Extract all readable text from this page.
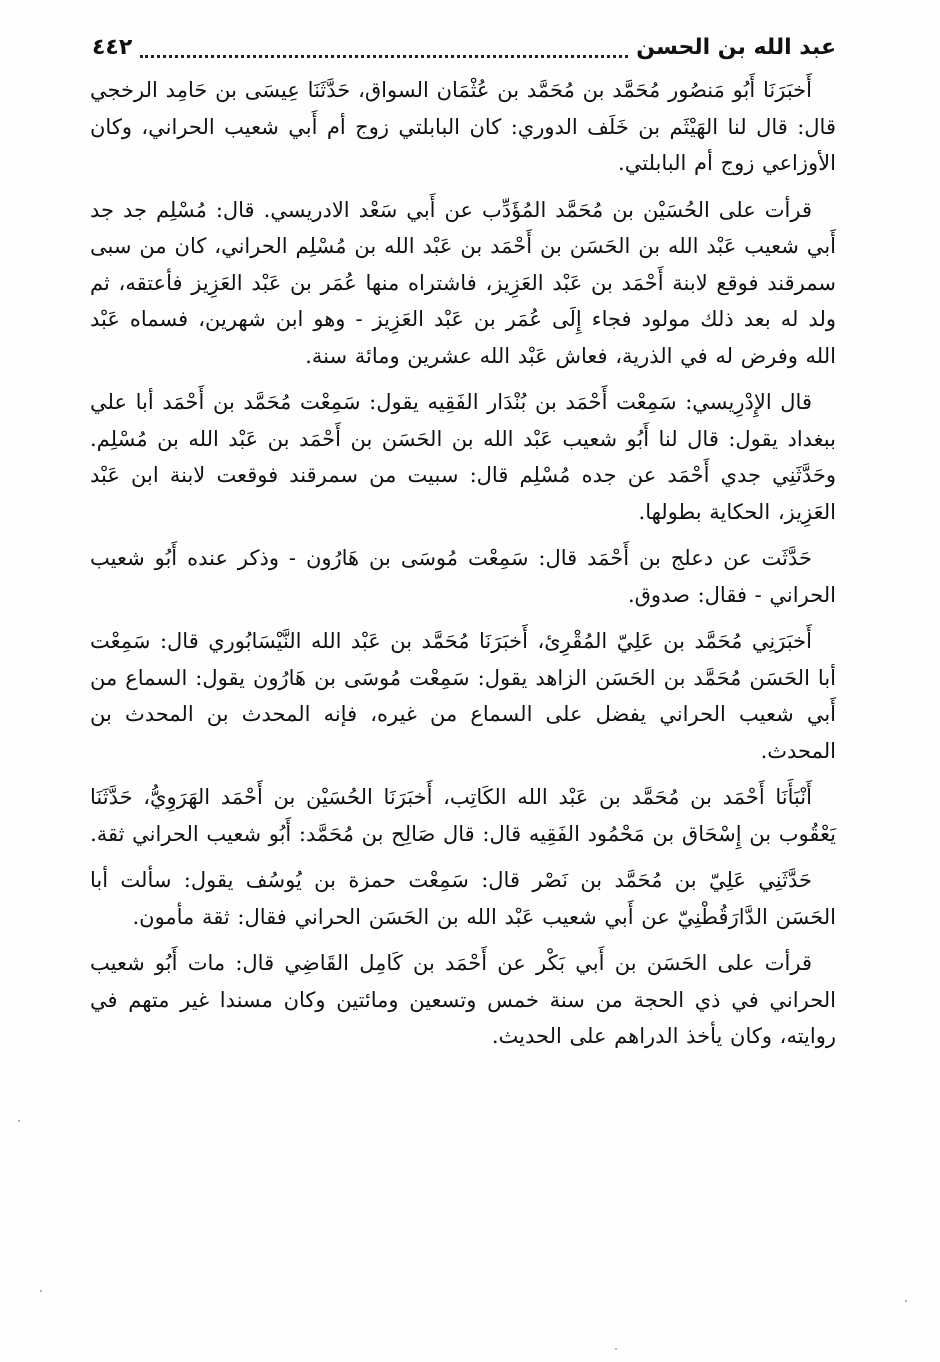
عبد الله بن الحسن
٤٤٢

أَخبَرَنَا أَبُو مَنصُور مُحَمَّد بن مُحَمَّد بن عُثْمَان السواق، حَدَّثَنَا عِيسَى بن حَامِد الرخجي قال: قال لنا الهَيْثَم بن خَلَف الدوري: كان البابلتي زوج أم أَبي شعيب الحراني، وكان الأوزاعي زوج أم البابلتي.

قرأت على الحُسَيْن بن مُحَمَّد المُؤَدِّب عن أَبي سَعْد الادريسي. قال: مُسْلِم جد جد أَبي شعيب عَبْد الله بن الحَسَن بن أَحْمَد بن عَبْد الله بن مُسْلِم الحراني، كان من سبى سمرقند فوقع لابنة أَحْمَد بن عَبْد العَزِيز، فاشتراه منها عُمَر بن عَبْد العَزِيز فأعتقه، ثم ولد له بعد ذلك مولود فجاء إِلَى عُمَر بن عَبْد العَزِيز - وهو ابن شهرين، فسماه عَبْد الله وفرض له في الذرية، فعاش عَبْد الله عشرين ومائة سنة.

قال الإِدْرِيسي: سَمِعْت أَحْمَد بن بُنْدَار الفَقِيه يقول: سَمِعْت مُحَمَّد بن أَحْمَد أبا علي ببغداد يقول: قال لنا أَبُو شعيب عَبْد الله بن الحَسَن بن أَحْمَد بن عَبْد الله بن مُسْلِم. وحَدَّثَنِي جدي أَحْمَد عن جده مُسْلِم قال: سبيت من سمرقند فوقعت لابنة ابن عَبْد العَزِيز، الحكاية بطولها.

حَدَّثَت عن دعلج بن أَحْمَد قال: سَمِعْت مُوسَى بن هَارُون - وذكر عنده أَبُو شعيب الحراني - فقال: صدوق.

أَخبَرَنِي مُحَمَّد بن عَلِيّ المُقْرِئ، أَخبَرَنَا مُحَمَّد بن عَبْد الله النَّيْسَابُوري قال: سَمِعْت أبا الحَسَن مُحَمَّد بن الحَسَن الزاهد يقول: سَمِعْت مُوسَى بن هَارُون يقول: السماع من أَبي شعيب الحراني يفضل على السماع من غيره، فإنه المحدث بن المحدث بن المحدث.

أَنْبَأَنَا أَحْمَد بن مُحَمَّد بن عَبْد الله الكَاتِب، أَخبَرَنَا الحُسَيْن بن أَحْمَد الهَرَوِيُّ، حَدَّثَنَا يَعْقُوب بن إِسْحَاق بن مَحْمُود الفَقِيه قال: قال صَالِح بن مُحَمَّد: أَبُو شعيب الحراني ثقة.

حَدَّثَنِي عَلِيّ بن مُحَمَّد بن نَصْر قال: سَمِعْت حمزة بن يُوسُف يقول: سألت أبا الحَسَن الدَّارَقُطْنِيّ عن أَبي شعيب عَبْد الله بن الحَسَن الحراني فقال: ثقة مأمون.

قرأت على الحَسَن بن أَبي بَكْر عن أَحْمَد بن كَامِل القَاضِي قال: مات أَبُو شعيب الحراني في ذي الحجة من سنة خمس وتسعين ومائتين وكان مسندا غير متهم في روايته، وكان يأخذ الدراهم على الحديث.
